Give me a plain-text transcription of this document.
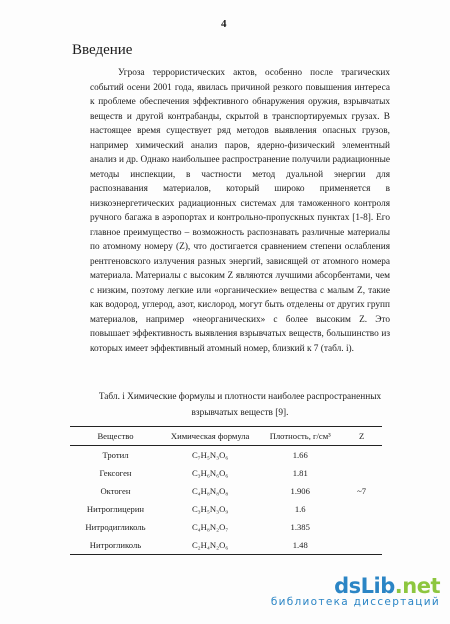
4
Введение

Угроза террористических актов, особенно после трагических событий осени 2001 года, явилась причиной резкого повышения интереса к проблеме обеспечения эффективного обнаружения оружия, взрывчатых веществ и другой контрабанды, скрытой в транспортируемых грузах. В настоящее время существует ряд методов выявления опасных грузов, например химический анализ паров, ядерно-физический элементный анализ и др. Однако наибольшее распространение получили радиационные методы инспекции, в частности метод дуальной энергии для распознавания материалов, который широко применяется в низкоэнергетических радиационных системах для таможенного контроля ручного багажа в аэропортах и контрольно-пропускных пунктах [1-8]. Его главное преимущество – возможность распознавать различные материалы по атомному номеру (Z), что достигается сравнением степени ослабления рентгеновского излучения разных энергий, зависящей от атомного номера материала. Материалы с высоким Z являются лучшими абсорбентами, чем с низким, поэтому легкие или «органические» вещества с малым Z, такие как водород, углерод, азот, кислород, могут быть отделены от других групп материалов, например «неорганических» с более высоким Z. Это повышает эффективность выявления взрывчатых веществ, большинство из которых имеет эффективный атомный номер, близкий к 7 (табл. i).

Табл. i Химические формулы и плотности наиболее распространенных взрывчатых веществ [9].

Вещество	Химическая формула	Плотность, г/см³	Z
Тротил	C₇H₅N₃O₆	1.66	
Гексоген	C₃H₆N₆O₆	1.81	
Октоген	C₄H₈N₈O₈	1.906	~7
Нитроглицерин	C₃H₅N₃O₉	1.6	
Нитродигликоль	C₄H₈N₂O₇	1.385	
Нитрогликоль	C₂H₄N₂O₆	1.48	
dsLib.net
библиотека диссертаций
